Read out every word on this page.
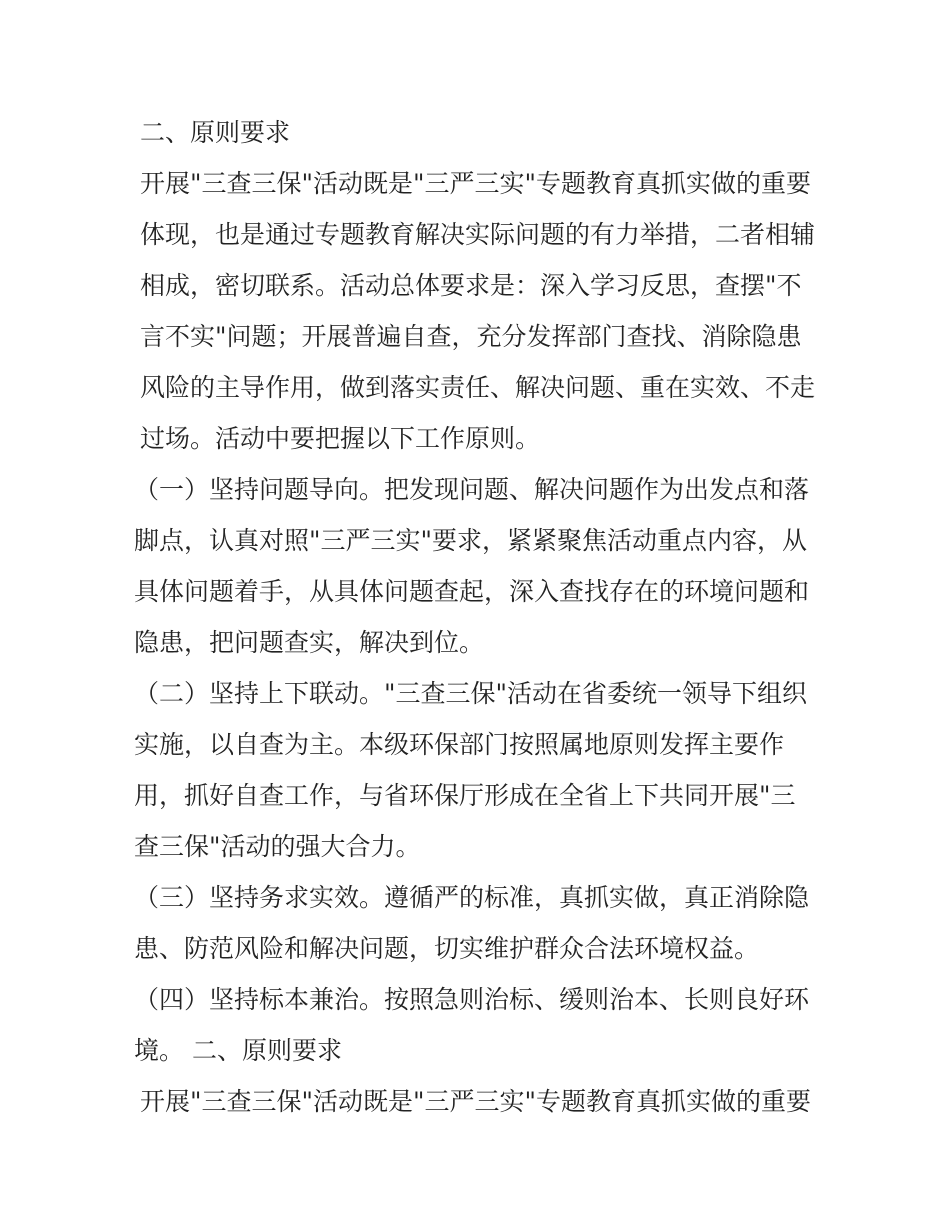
二、原则要求

开展"三查三保"活动既是"三严三实"专题教育真抓实做的重要
体现，也是通过专题教育解决实际问题的有力举措，二者相辅
相成，密切联系。活动总体要求是：深入学习反思，查摆"不
言不实"问题；开展普遍自查，充分发挥部门查找、消除隐患
风险的主导作用，做到落实责任、解决问题、重在实效、不走
过场。活动中要把握以下工作原则。

（一）坚持问题导向。把发现问题、解决问题作为出发点和落
脚点，认真对照"三严三实"要求，紧紧聚焦活动重点内容，从
具体问题着手，从具体问题查起，深入查找存在的环境问题和
隐患，把问题查实，解决到位。

（二）坚持上下联动。"三查三保"活动在省委统一领导下组织
实施，以自查为主。本级环保部门按照属地原则发挥主要作
用，抓好自查工作，与省环保厅形成在全省上下共同开展"三
查三保"活动的强大合力。

（三）坚持务求实效。遵循严的标准，真抓实做，真正消除隐
患、防范风险和解决问题，切实维护群众合法环境权益。

（四）坚持标本兼治。按照急则治标、缓则治本、长则良好环
境。 二、原则要求

开展"三查三保"活动既是"三严三实"专题教育真抓实做的重要
